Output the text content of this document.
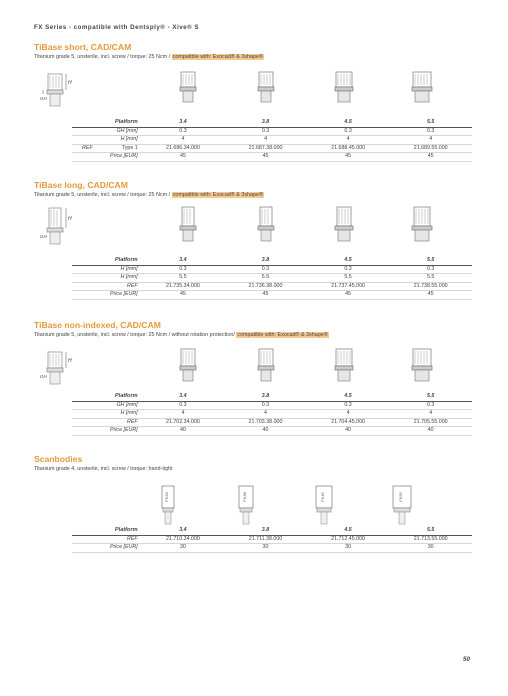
FX Series - compatible with Dentsply® - Xive® S
TiBase short, CAD/CAM
Titanium grade 5, unsterile, incl. screw / torque: 25 Ncm / compatible with: Exocad® & 3shape®
H
GH
Platform	3.4	3.8	4.5	5.5
GH [mm]	0.3	0.3	0.3	0.3
H [mm]	4	4	4	4

REF Type 1	21.686.34.000	21.687.38.000	21.688.45.000	21.689.55.000
Price [EUR]	45	45	45	45
TiBase long, CAD/CAM
Titanium grade 5, unsterile, incl. screw / torque: 25 Ncm / compatible with: Exocad® & 3shape®
H
GH
Platform	3.4	3.8	4.5	5.5
H [mm]	0.3	0.3	0.3	0.3
H [mm]	5.5	5.5	5.5	5.5
REF	21.735.34.000	21.736.38.000	21.737.45.000	21.738.55.000
Price [EUR]	45	45	45	45
TiBase non-indexed, CAD/CAM
Titanium grade 5, unsterile, incl. screw / torque: 25 Ncm / without rotation protection/ compatible with: Exocad® & 3shape®
H
GH
Platform	3.4	3.8	4.5	5.5
GH [mm]	0.3	0.3	0.3	0.3
H [mm]	4	4	4	4
REF	21.702.34.000	21.703.38.000	21.704.45.000	21.705.55.000
Price [EUR]	40	40	40	40
Scanbodies
Titanium grade 4, unsterile, incl. screw / torque: hand-tight
FX34	FX38	FX45	FX55
Platform	3.4	3.8	4.5	5.5
REF	21.710.34.000	21.711.38.000	21.712.45.000	21.713.55.000
Price [EUR]	30	30	30	30
50
